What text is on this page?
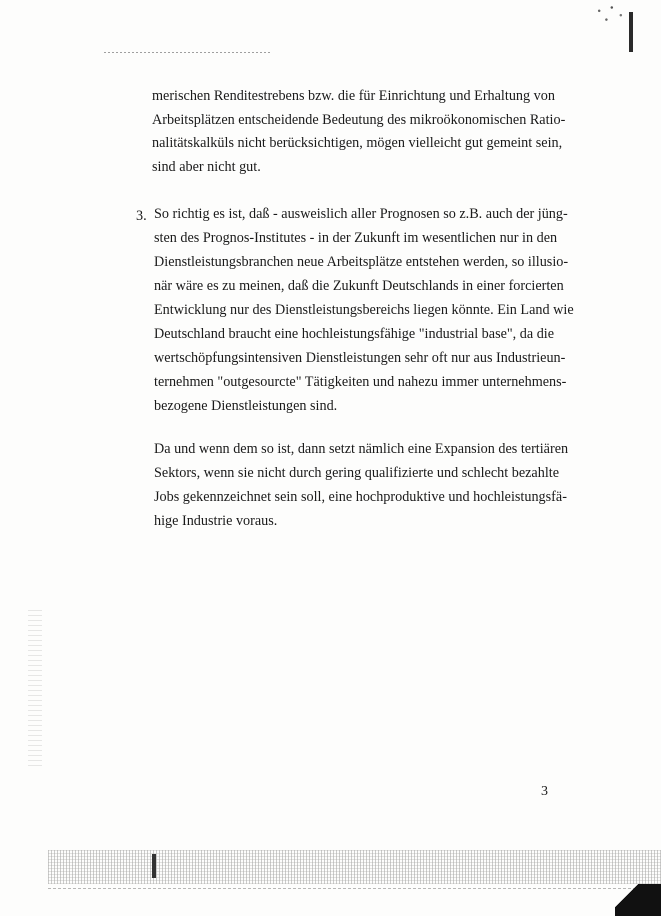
merischen Renditestrebens bzw. die für Einrichtung und Erhaltung von
Arbeitsplätzen entscheidende Bedeutung des mikroökonomischen Ratio-
nalitätskalküls nicht berücksichtigen, mögen vielleicht gut gemeint sein,
sind aber nicht gut.
3. So richtig es ist, daß - ausweislich aller Prognosen so z.B. auch der jüng-
sten des Prognos-Institutes - in der Zukunft im wesentlichen nur in den
Dienstleistungsbranchen neue Arbeitsplätze entstehen werden, so illusio-
när wäre es zu meinen, daß die Zukunft Deutschlands in einer forcierten
Entwicklung nur des Dienstleistungsbereichs liegen könnte. Ein Land wie
Deutschland braucht eine hochleistungsfähige "industrial base", da die
wertschöpfungsintensiven Dienstleistungen sehr oft nur aus Industrieun-
ternehmen "outgesourcte" Tätigkeiten und nahezu immer unternehmens-
bezogene Dienstleistungen sind.
Da und wenn dem so ist, dann setzt nämlich eine Expansion des tertiären
Sektors, wenn sie nicht durch gering qualifizierte und schlecht bezahlte
Jobs gekennzeichnet sein soll, eine hochproduktive und hochleistungsfä-
hige Industrie voraus.
3
